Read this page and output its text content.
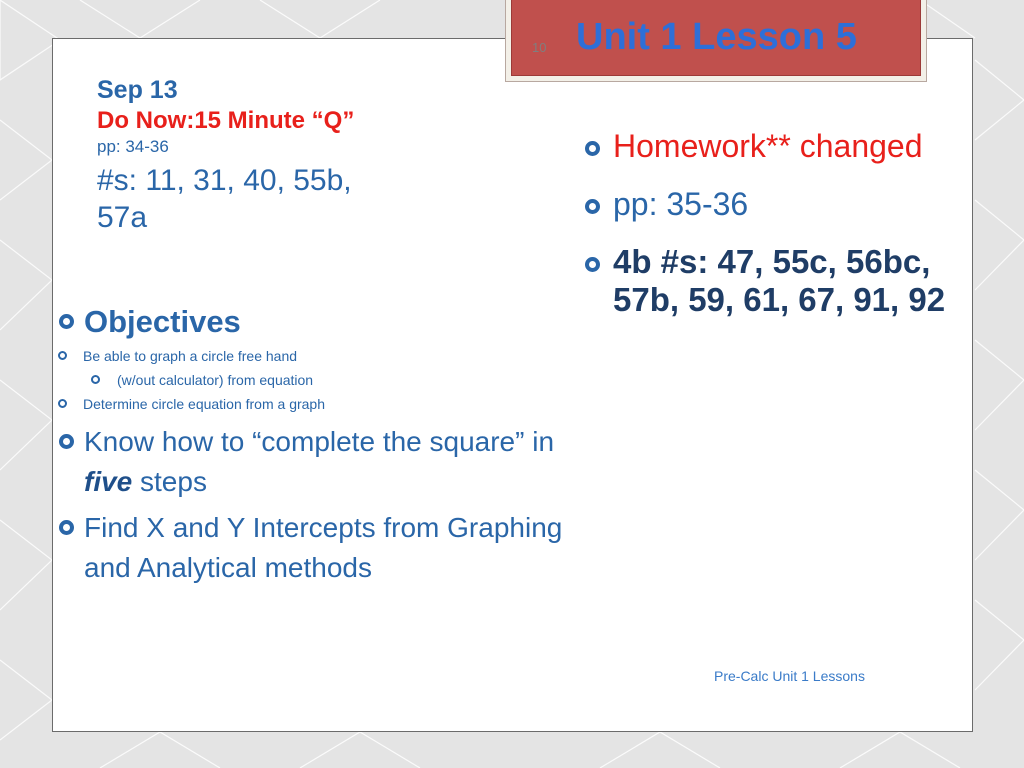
Unit 1 Lesson 5
10
Sep 13
Do Now:15 Minute “Q”
pp: 34-36
#s: 11, 31, 40, 55b,
57a
Objectives
Be able to graph a circle free hand
(w/out calculator) from equation
Determine circle equation from a graph
Know how to “complete the square” in five steps
Find X and Y Intercepts from Graphing and Analytical methods
Homework** changed
pp: 35-36
4b #s: 47, 55c, 56bc, 57b, 59, 61, 67, 91, 92
Pre-Calc Unit 1 Lessons
